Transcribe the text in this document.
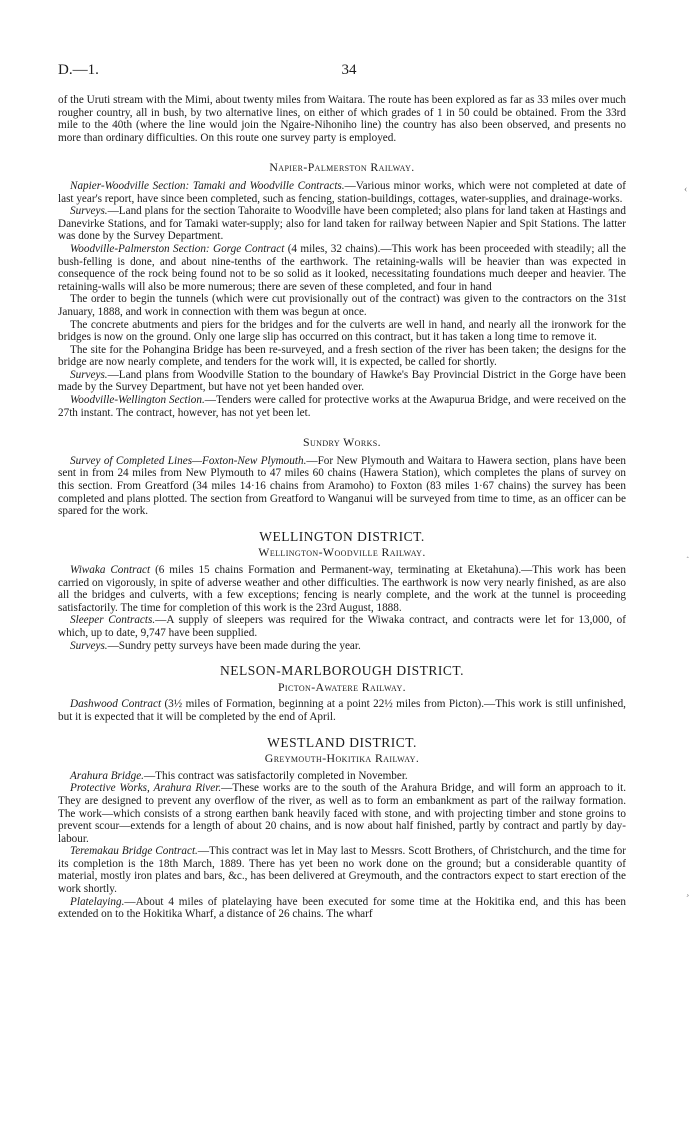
D.—1.	34
‹
˰
¸

of the Uruti stream with the Mimi, about twenty miles from Waitara. The route has been explored as far as 33 miles over much rougher country, all in bush, by two alternative lines, on either of which grades of 1 in 50 could be obtained. From the 33rd mile to the 40th (where the line would join the Ngaire-Nihoniho line) the country has also been observed, and presents no more than ordinary difficulties. On this route one survey party is employed.

Napier-Palmerston Railway.

Napier-Woodville Section: Tamaki and Woodville Contracts.—Various minor works, which were not completed at date of last year's report, have since been completed, such as fencing, station-buildings, cottages, water-supplies, and drainage-works.

Surveys.—Land plans for the section Tahoraite to Woodville have been completed; also plans for land taken at Hastings and Danevirke Stations, and for Tamaki water-supply; also for land taken for railway between Napier and Spit Stations. The latter was done by the Survey Department.

Woodville-Palmerston Section: Gorge Contract (4 miles, 32 chains).—This work has been proceeded with steadily; all the bush-felling is done, and about nine-tenths of the earthwork. The retaining-walls will be heavier than was expected in consequence of the rock being found not to be so solid as it looked, necessitating foundations much deeper and heavier. The retaining-walls will also be more numerous; there are seven of these completed, and four in hand

The order to begin the tunnels (which were cut provisionally out of the contract) was given to the contractors on the 31st January, 1888, and work in connection with them was begun at once.

The concrete abutments and piers for the bridges and for the culverts are well in hand, and nearly all the ironwork for the bridges is now on the ground. Only one large slip has occurred on this contract, but it has taken a long time to remove it.

The site for the Pohangina Bridge has been re-surveyed, and a fresh section of the river has been taken; the designs for the bridge are now nearly complete, and tenders for the work will, it is expected, be called for shortly.

Surveys.—Land plans from Woodville Station to the boundary of Hawke's Bay Provincial District in the Gorge have been made by the Survey Department, but have not yet been handed over.

Woodville-Wellington Section.—Tenders were called for protective works at the Awapurua Bridge, and were received on the 27th instant. The contract, however, has not yet been let.

Sundry Works.

Survey of Completed Lines—Foxton-New Plymouth.—For New Plymouth and Waitara to Hawera section, plans have been sent in from 24 miles from New Plymouth to 47 miles 60 chains (Hawera Station), which completes the plans of survey on this section. From Greatford (34 miles 14·16 chains from Aramoho) to Foxton (83 miles 1·67 chains) the survey has been completed and plans plotted. The section from Greatford to Wanganui will be surveyed from time to time, as an officer can be spared for the work.

WELLINGTON DISTRICT.
Wellington-Woodville Railway.

Wiwaka Contract (6 miles 15 chains Formation and Permanent-way, terminating at Eketahuna).—This work has been carried on vigorously, in spite of adverse weather and other difficulties. The earthwork is now very nearly finished, as are also all the bridges and culverts, with a few exceptions; fencing is nearly complete, and the work at the tunnel is proceeding satisfactorily. The time for completion of this work is the 23rd August, 1888.

Sleeper Contracts.—A supply of sleepers was required for the Wiwaka contract, and contracts were let for 13,000, of which, up to date, 9,747 have been supplied.

Surveys.—Sundry petty surveys have been made during the year.

NELSON-MARLBOROUGH DISTRICT.
Picton-Awatere Railway.

Dashwood Contract (3½ miles of Formation, beginning at a point 22½ miles from Picton).—This work is still unfinished, but it is expected that it will be completed by the end of April.

WESTLAND DISTRICT.
Greymouth-Hokitika Railway.

Arahura Bridge.—This contract was satisfactorily completed in November.

Protective Works, Arahura River.—These works are to the south of the Arahura Bridge, and will form an approach to it. They are designed to prevent any overflow of the river, as well as to form an embankment as part of the railway formation. The work—which consists of a strong earthen bank heavily faced with stone, and with projecting timber and stone groins to prevent scour—extends for a length of about 20 chains, and is now about half finished, partly by contract and partly by day-labour.

Teremakau Bridge Contract.—This contract was let in May last to Messrs. Scott Brothers, of Christchurch, and the time for its completion is the 18th March, 1889. There has yet been no work done on the ground; but a considerable quantity of material, mostly iron plates and bars, &c., has been delivered at Greymouth, and the contractors expect to start erection of the work shortly.

Platelaying.—About 4 miles of platelaying have been executed for some time at the Hokitika end, and this has been extended on to the Hokitika Wharf, a distance of 26 chains. The wharf
